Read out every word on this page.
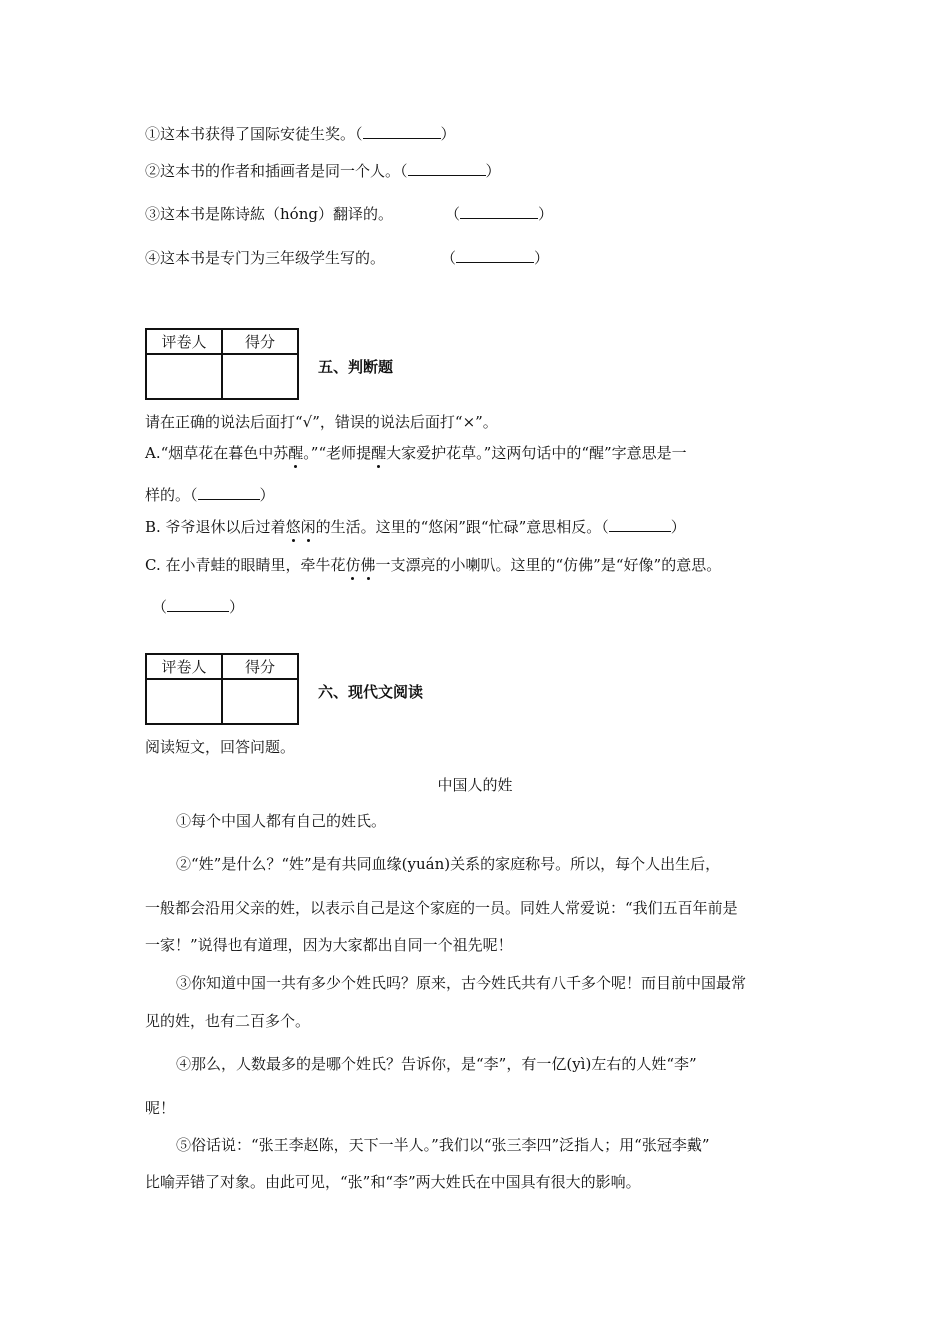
①这本书获得了国际安徒生奖。（	）
②这本书的作者和插画者是同一个人。（	）
③这本书是陈诗紘（hóng）翻译的。	（	）
④这本书是专门为三年级学生写的。	（	）
评卷人	得分

五、判断题
请在正确的说法后面打“√”，错误的说法后面打“×”。
A.“烟草花在暮色中苏醒。”“老师提醒大家爱护花草。”这两句话中的“醒”字意思是一
样的。（	）
B. 爷爷退休以后过着悠闲的生活。这里的“悠闲”跟“忙碌”意思相反。（	）
C. 在小青蛙的眼睛里，牵牛花仿佛一支漂亮的小喇叭。这里的“仿佛”是“好像”的意思。
（	）
评卷人	得分

六、现代文阅读
阅读短文，回答问题。
中国人的姓
①每个中国人都有自己的姓氏。
②“姓”是什么？“姓”是有共同血缘(yuán)关系的家庭称号。所以，每个人出生后，
一般都会沿用父亲的姓，以表示自己是这个家庭的一员。同姓人常爱说：“我们五百年前是
一家！”说得也有道理，因为大家都出自同一个祖先呢！
③你知道中国一共有多少个姓氏吗？原来，古今姓氏共有八千多个呢！而目前中国最常
见的姓，也有二百多个。
④那么，人数最多的是哪个姓氏？告诉你，是“李”，有一亿(yì)左右的人姓“李”
呢！
⑤俗话说：“张王李赵陈，天下一半人。”我们以“张三李四”泛指人；用“张冠李戴”
比喻弄错了对象。由此可见，“张”和“李”两大姓氏在中国具有很大的影响。
